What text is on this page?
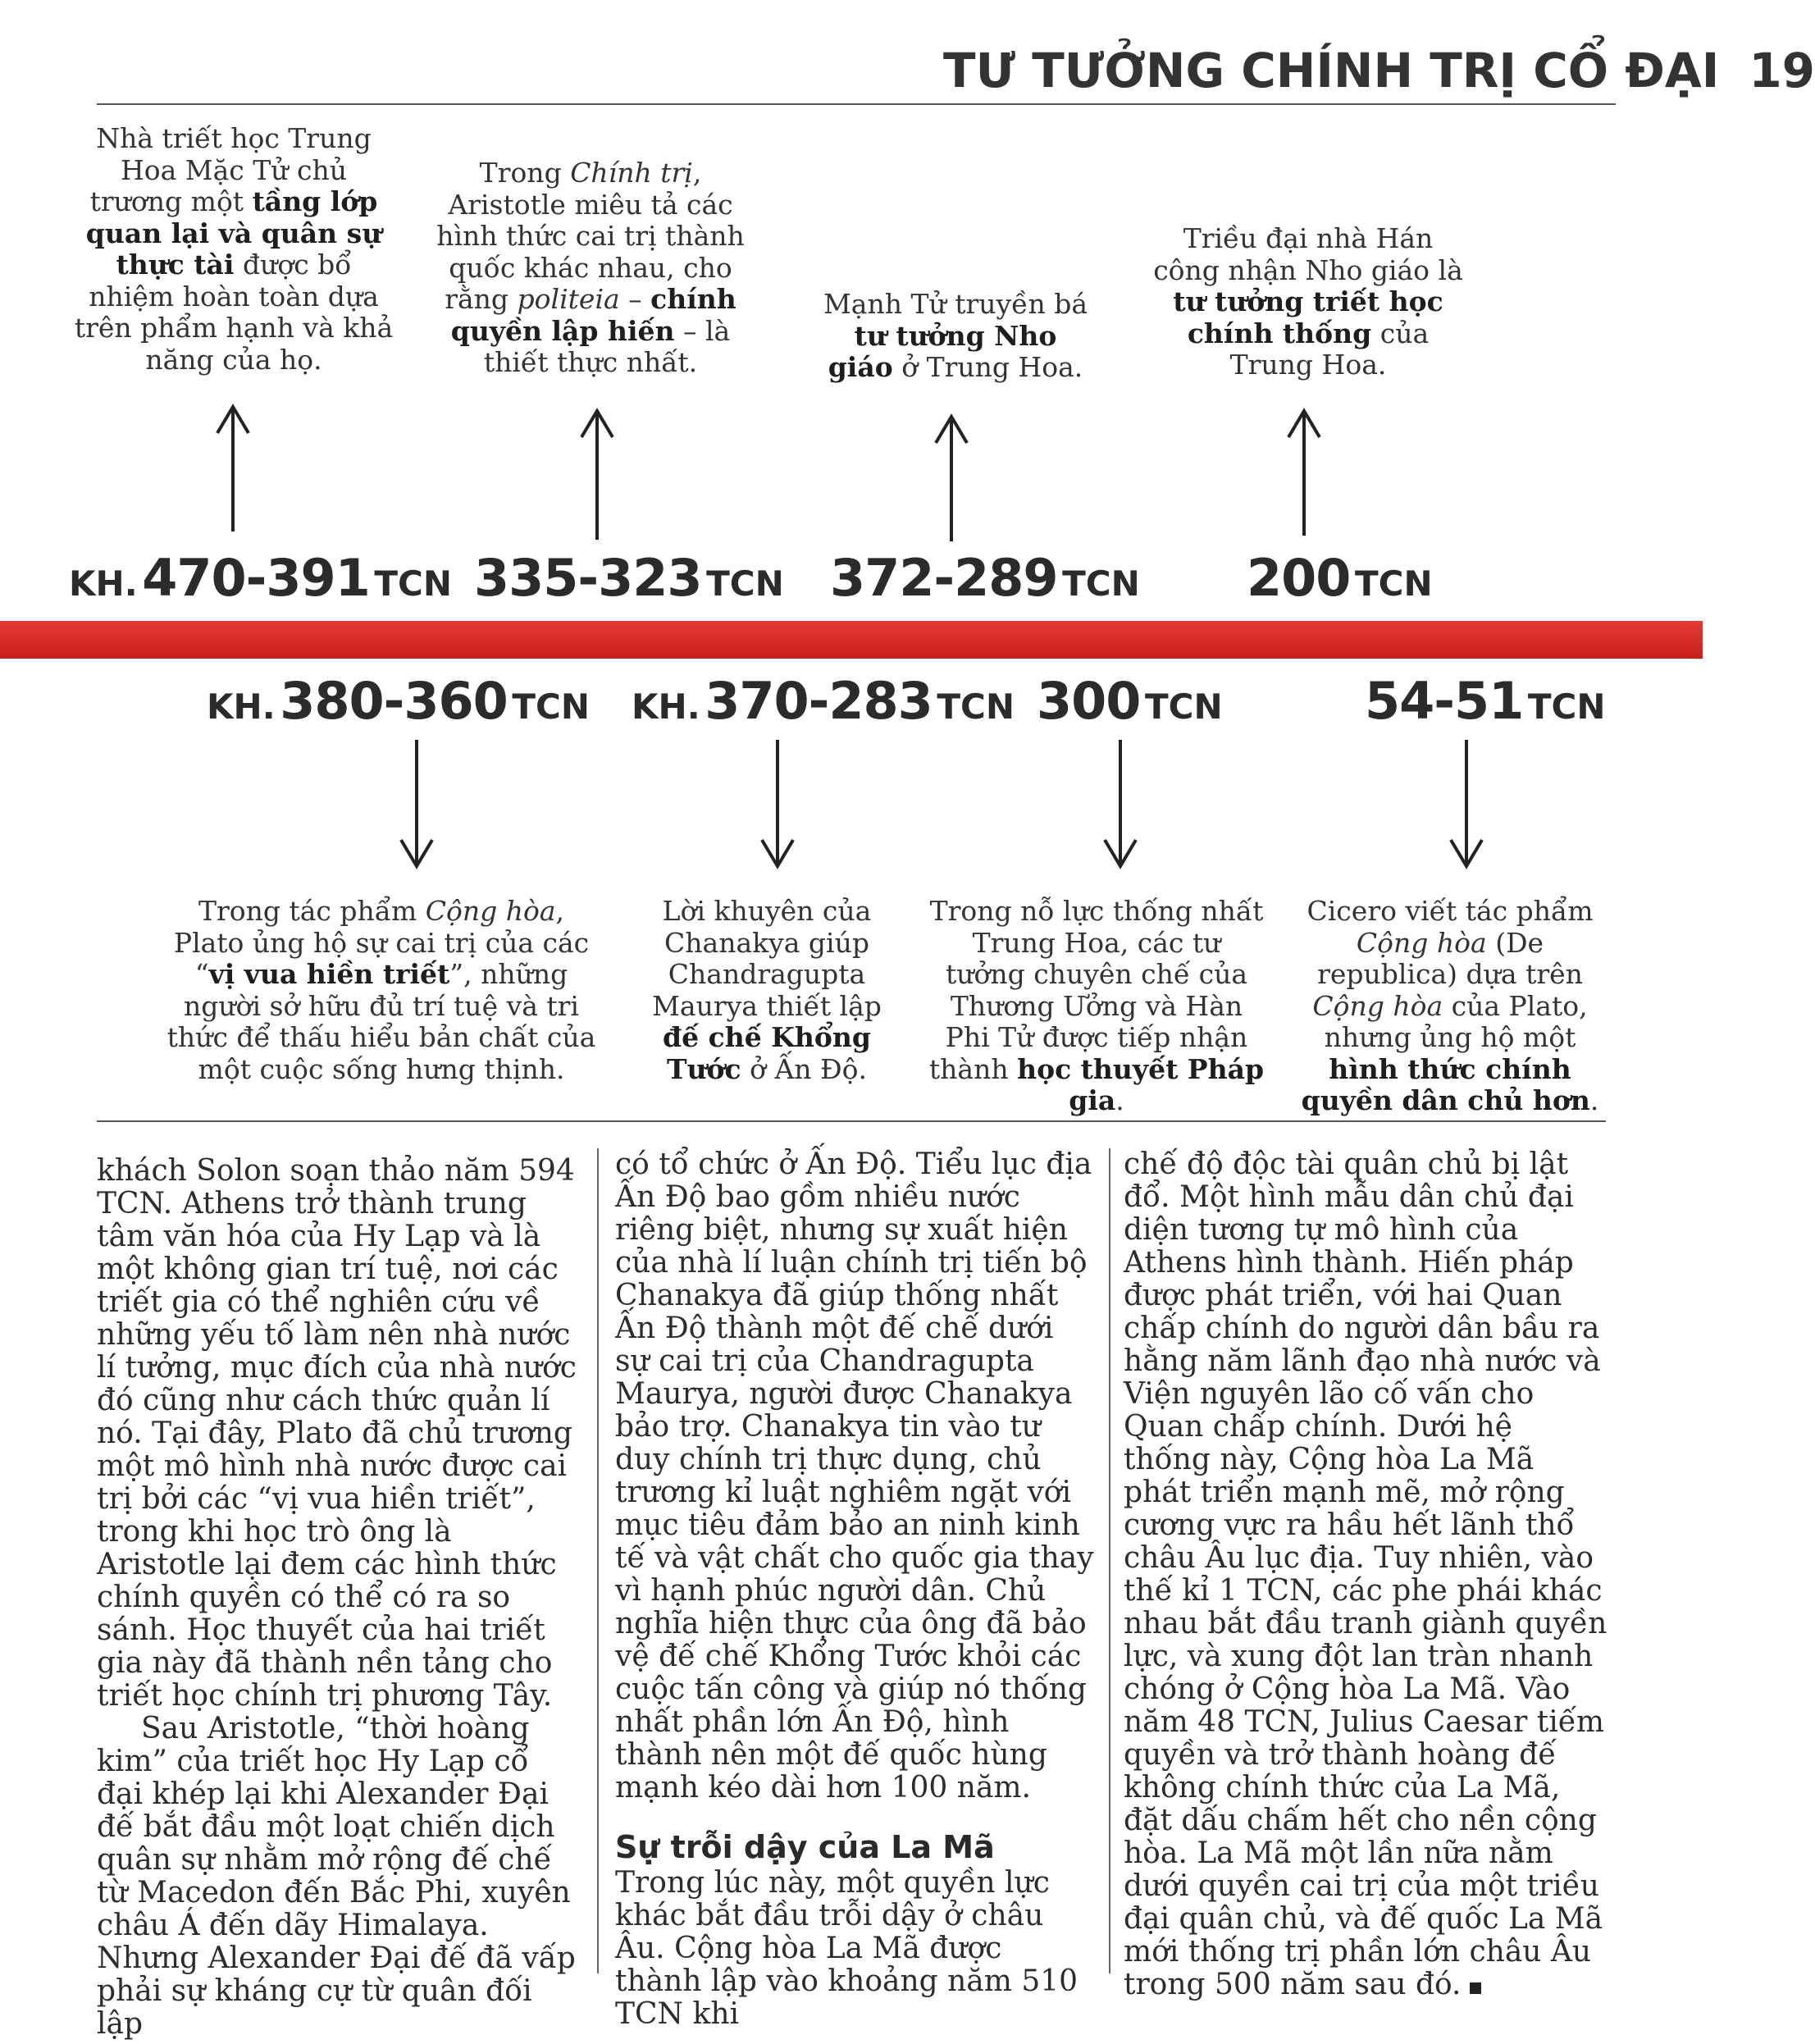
TƯ TƯỞNG CHÍNH TRỊ CỔ ĐẠI 19
Nhà triết học Trung Hoa Mặc Tử chủ trương một tầng lớp quan lại và quân sự thực tài được bổ nhiệm hoàn toàn dựa trên phẩm hạnh và khả năng của họ.
Trong Chính trị, Aristotle miêu tả các hình thức cai trị thành quốc khác nhau, cho rằng politeia – chính quyền lập hiến – là thiết thực nhất.
Mạnh Tử truyền bá tư tưởng Nho giáo ở Trung Hoa.
Triều đại nhà Hán công nhận Nho giáo là tư tưởng triết học chính thống của Trung Hoa.
KH. 470-391 TCN 335-323 TCN 372-289 TCN 200 TCN
KH. 380-360 TCN KH. 370-283 TCN 300 TCN	54-51 TCN
Trong tác phẩm Cộng hòa, Plato ủng hộ sự cai trị của các “vị vua hiền triết”, những người sở hữu đủ trí tuệ và tri thức để thấu hiểu bản chất của một cuộc sống hưng thịnh.
Lời khuyên của Chanakya giúp Chandragupta Maurya thiết lập đế chế Khổng Tước ở Ấn Độ.
Trong nỗ lực thống nhất Trung Hoa, các tư tưởng chuyên chế của Thương Ưởng và Hàn Phi Tử được tiếp nhận thành học thuyết Pháp gia.
Cicero viết tác phẩm Cộng hòa (De republica) dựa trên Cộng hòa của Plato, nhưng ủng hộ một hình thức chính quyền dân chủ hơn.

khách Solon soạn thảo năm 594 TCN. Athens trở thành trung tâm văn hóa của Hy Lạp và là một không gian trí tuệ, nơi các triết gia có thể nghiên cứu về những yếu tố làm nên nhà nước lí tưởng, mục đích của nhà nước đó cũng như cách thức quản lí nó. Tại đây, Plato đã chủ trương một mô hình nhà nước được cai trị bởi các “vị vua hiền triết”, trong khi học trò ông là Aristotle lại đem các hình thức chính quyền có thể có ra so sánh. Học thuyết của hai triết gia này đã thành nền tảng cho triết học chính trị phương Tây.

Sau Aristotle, “thời hoàng kim” của triết học Hy Lạp cổ đại khép lại khi Alexander Đại đế bắt đầu một loạt chiến dịch quân sự nhằm mở rộng đế chế từ Macedon đến Bắc Phi, xuyên châu Á đến dãy Himalaya. Nhưng Alexander Đại đế đã vấp phải sự kháng cự từ quân đối lập

có tổ chức ở Ấn Độ. Tiểu lục địa Ấn Độ bao gồm nhiều nước riêng biệt, nhưng sự xuất hiện của nhà lí luận chính trị tiến bộ Chanakya đã giúp thống nhất Ấn Độ thành một đế chế dưới sự cai trị của Chandragupta Maurya, người được Chanakya bảo trợ. Chanakya tin vào tư duy chính trị thực dụng, chủ trương kỉ luật nghiêm ngặt với mục tiêu đảm bảo an ninh kinh tế và vật chất cho quốc gia thay vì hạnh phúc người dân. Chủ nghĩa hiện thực của ông đã bảo vệ đế chế Khổng Tước khỏi các cuộc tấn công và giúp nó thống nhất phần lớn Ấn Độ, hình thành nên một đế quốc hùng mạnh kéo dài hơn 100 năm.

Sự trỗi dậy của La Mã

Trong lúc này, một quyền lực khác bắt đầu trỗi dậy ở châu Âu. Cộng hòa La Mã được thành lập vào khoảng năm 510 TCN khi

chế độ độc tài quân chủ bị lật đổ. Một hình mẫu dân chủ đại diện tương tự mô hình của Athens hình thành. Hiến pháp được phát triển, với hai Quan chấp chính do người dân bầu ra hằng năm lãnh đạo nhà nước và Viện nguyên lão cố vấn cho Quan chấp chính. Dưới hệ thống này, Cộng hòa La Mã phát triển mạnh mẽ, mở rộng cương vực ra hầu hết lãnh thổ châu Âu lục địa. Tuy nhiên, vào thế kỉ 1 TCN, các phe phái khác nhau bắt đầu tranh giành quyền lực, và xung đột lan tràn nhanh chóng ở Cộng hòa La Mã. Vào năm 48 TCN, Julius Caesar tiếm quyền và trở thành hoàng đế không chính thức của La Mã, đặt dấu chấm hết cho nền cộng hòa. La Mã một lần nữa nằm dưới quyền cai trị của một triều đại quân chủ, và đế quốc La Mã mới thống trị phần lớn châu Âu trong 500 năm sau đó.
